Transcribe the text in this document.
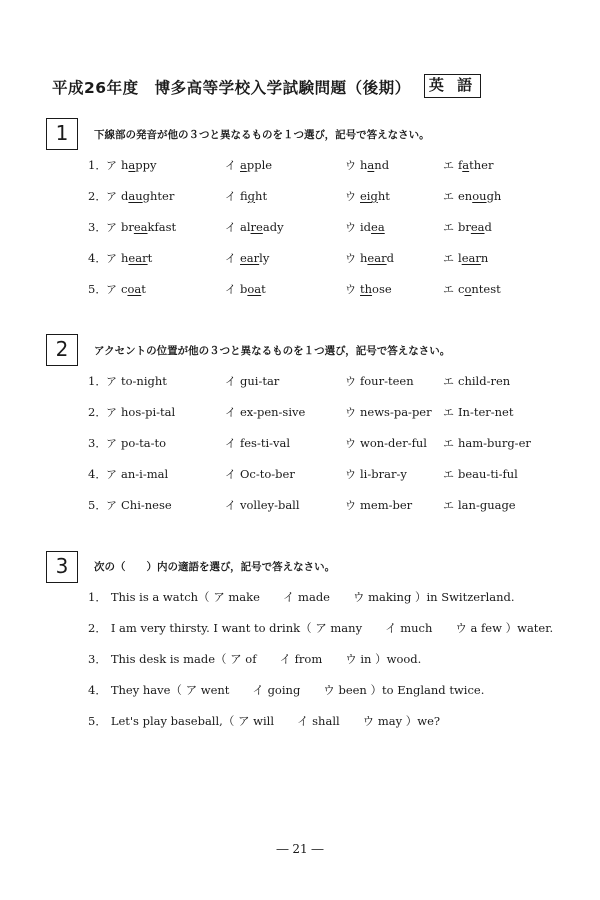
平成26年度　博多高等学校入学試験問題（後期）	英 語
1	下線部の発音が他の３つと異なるものを１つ選び，記号で答えなさい。
1． ア happy	イ apple	ウ hand	エ father
2． ア daughter	イ fight	ウ eight	エ enough
3． ア breakfast	イ already	ウ idea	エ bread
4． ア heart	イ early	ウ heard	エ learn
5． ア coat	イ boat	ウ those	エ contest
2	アクセントの位置が他の３つと異なるものを１つ選び，記号で答えなさい。
1． ア to-night	イ gui-tar	ウ four-teen	エ child-ren
2． ア hos-pi-tal	イ ex-pen-sive	ウ news-pa-per エ In-ter-net
3． ア po-ta-to	イ fes-ti-val	ウ won-der-ful エ ham-burg-er
4． ア an-i-mal	イ Oc-to-ber	ウ li-brar-y	エ beau-ti-ful
5． ア Chi-nese	イ volley-ball	ウ mem-ber	エ lan-guage
3	次の（　　）内の適語を選び，記号で答えなさい。
1． This is a watch（ ア make　　イ made　　ウ making ）in Switzerland.
2． I am very thirsty. I want to drink（ ア many　　イ much　　ウ a few ）water.
3． This desk is made（ ア of　　イ from　　ウ in ）wood.
4． They have（ ア went　　イ going　　ウ been ）to England twice.
5． Let's play baseball,（ ア will　　イ shall　　ウ may ）we?
― 21 ―
